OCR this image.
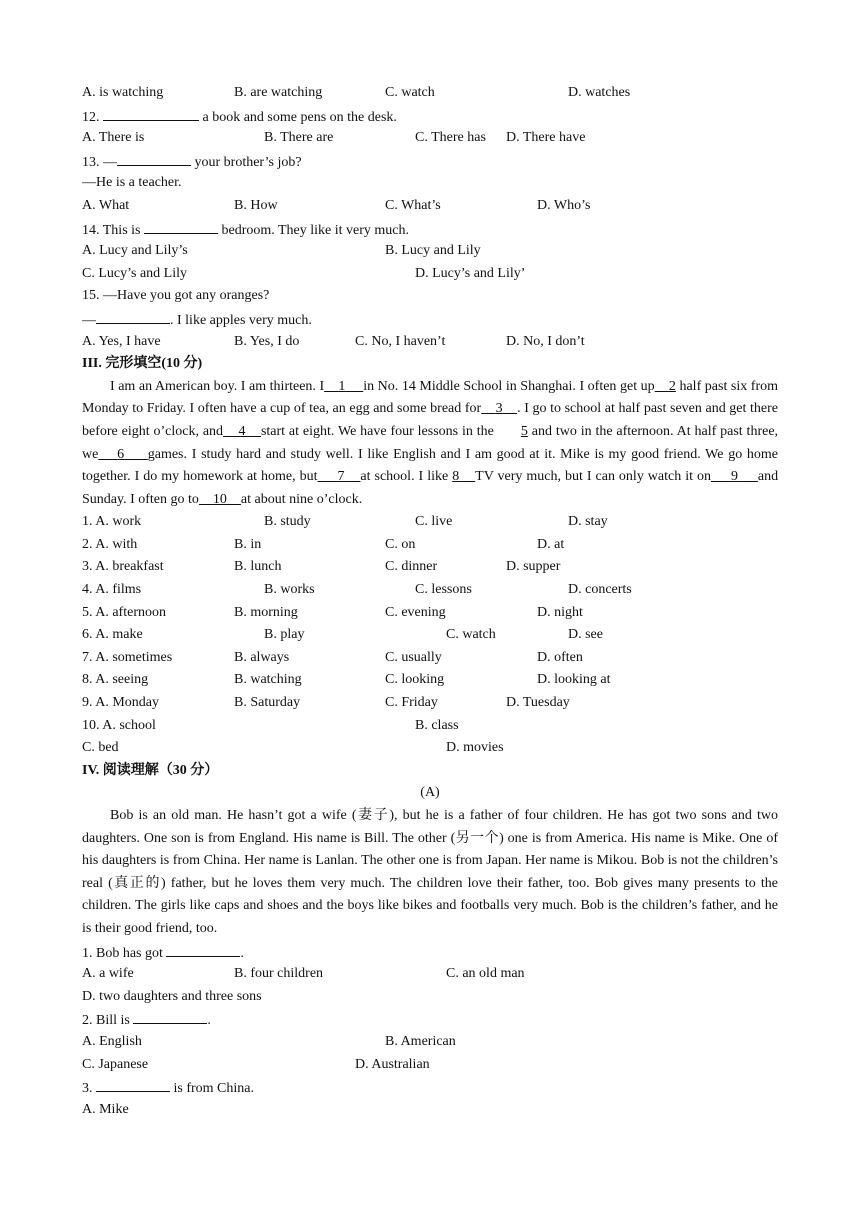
A. is watching	B. are watching	C. watch	D. watches
12.	a book and some pens on the desk.
A. There is	B. There are	C. There has D. There have
13. —	your brother’s job?
—He is a teacher.
A. What	B. How	C. What’s	D. Who’s
14. This is	bedroom. They like it very much.
A. Lucy and Lily’s	B. Lucy and Lily
C. Lucy’s and Lily	D. Lucy’s and Lily’
15. —Have you got any oranges?
—	. I like apples very much.
A. Yes, I have	B. Yes, I do	C. No, I haven’t	D. No, I don’t
III. 完形填空(10 分)
I am an American boy. I am thirteen. I 1 in No. 14 Middle School in Shanghai. I often get up 2 half past six from Monday to Friday. I often have a cup of tea, an egg and some bread for 3 . I go to school at half past seven and get there before eight o’clock, and 4 start at eight. We have four lessons in the 5 and two in the afternoon. At half past three, we 6 games. I study hard and study well. I like English and I am good at it. Mike is my good friend. We go home together. I do my homework at home, but 7 at school. I like 8 TV very much, but I can only watch it on 9 and Sunday. I often go to 10 at about nine o’clock.
1. A. work	B. study	C. live	D. stay
2. A. with	B. in	C. on	D. at
3. A. breakfast	B. lunch	C. dinner	D. supper
4. A. films	B. works	C. lessons	D. concerts
5. A. afternoon	B. morning	C. evening	D. night
6. A. make	B. play	C. watch	D. see
7. A. sometimes	B. always	C. usually	D. often
8. A. seeing	B. watching	C. looking	D. looking at
9. A. Monday	B. Saturday	C. Friday	D. Tuesday
10. A. school	B. class
C. bed	D. movies
IV. 阅读理解（30 分）
(A)
Bob is an old man. He hasn’t got a wife (妻子), but he is a father of four children. He has got two sons and two daughters. One son is from England. His name is Bill. The other (另一个) one is from America. His name is Mike. One of his daughters is from China. Her name is Lanlan. The other one is from Japan. Her name is Mikou. Bob is not the children’s real (真正的) father, but he loves them very much. The children love their father, too. Bob gives many presents to the children. The girls like caps and shoes and the boys like bikes and footballs very much. Bob is the children’s father, and he is their good friend, too.
1. Bob has got	.
A. a wife	B. four children	C. an old man
D. two daughters and three sons
2. Bill is	.
A. English	B. American
C. Japanese	D. Australian
3.	is from China.
A. Mike
